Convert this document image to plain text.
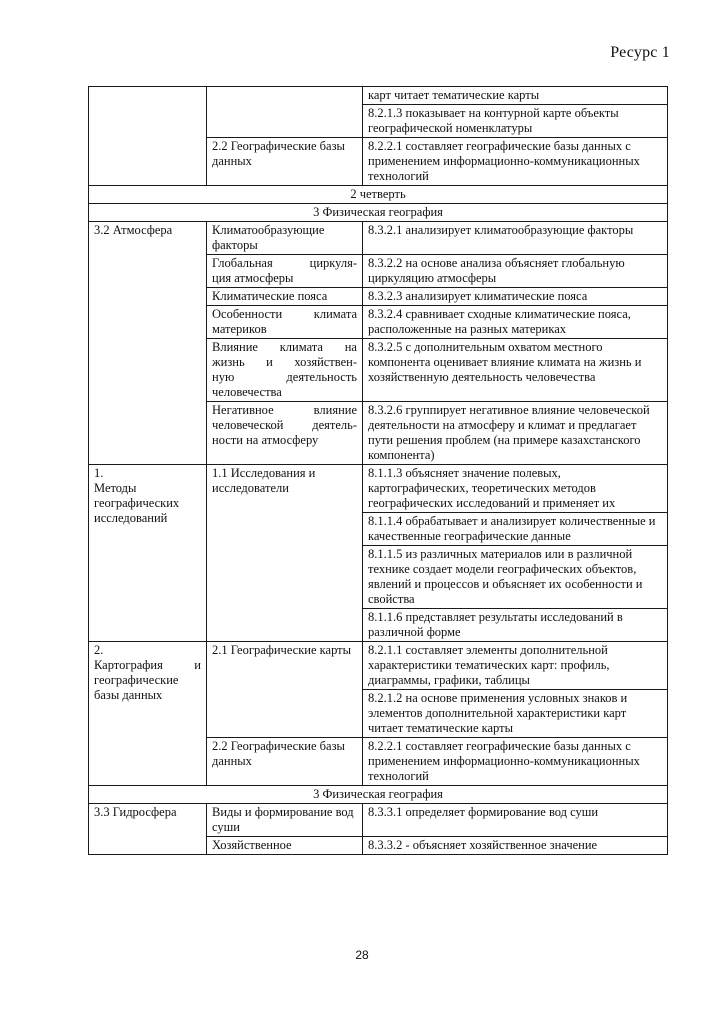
Ресурс 1
		карт читает тематические карты
		8.2.1.3 показывает на контурной карте объекты географической номенклатуры
	2.2 Географические базы данных	8.2.2.1 составляет географические базы данных с применением информационно-коммуникационных технологий
2 четверть		
3 Физическая география		
3.2 Атмосфера	Климатообразующие факторы	8.3.2.1 анализирует климатообразующие факторы

	Глобальная циркуля-
ция атмосферы	8.3.2.2 на основе анализа объясняет глобальную циркуляцию атмосферы
	Климатические пояса	8.3.2.3 анализирует климатические пояса

	Особенности климата
материков	8.3.2.4 сравнивает сходные климатические пояса, расположенные на разных материках

	Влияние климата на
жизнь и хозяйствен-
ную деятельность
человечества	8.3.2.5 с дополнительным охватом местного компонента оценивает влияние климата на жизнь и хозяйственную деятельность человечества

	Негативное влияние
человеческой деятель-
ности на атмосферу	8.3.2.6 группирует негативное влияние человеческой деятельности на атмосферу и климат и предлагает пути решения проблем (на примере казахстанского компонента)
1.
Методы географических исследований	1.1 Исследования и исследователи	8.1.1.3 объясняет значение полевых, картографических, теоретических методов географических исследований и применяет их
		8.1.1.4 обрабатывает и анализирует количественные и качественные географические данные
		8.1.1.5 из различных материалов или в различной технике создает модели географических объектов, явлений и процессов и объясняет их особенности и свойства
		8.1.1.6 представляет результаты исследований в различной форме
2.

Картография и
географические базы данных	2.1 Географические карты	8.2.1.1 составляет элементы дополнительной характеристики тематических карт: профиль, диаграммы, графики, таблицы
		8.2.1.2 на основе применения условных знаков и элементов дополнительной характеристики карт читает тематические карты
	2.2 Географические базы данных	8.2.2.1 составляет географические базы данных с применением информационно-коммуникационных технологий
3 Физическая география		
3.3 Гидросфера	Виды и формирование вод суши	8.3.3.1 определяет формирование вод суши
	Хозяйственное	8.3.3.2 - объясняет хозяйственное значение
28
